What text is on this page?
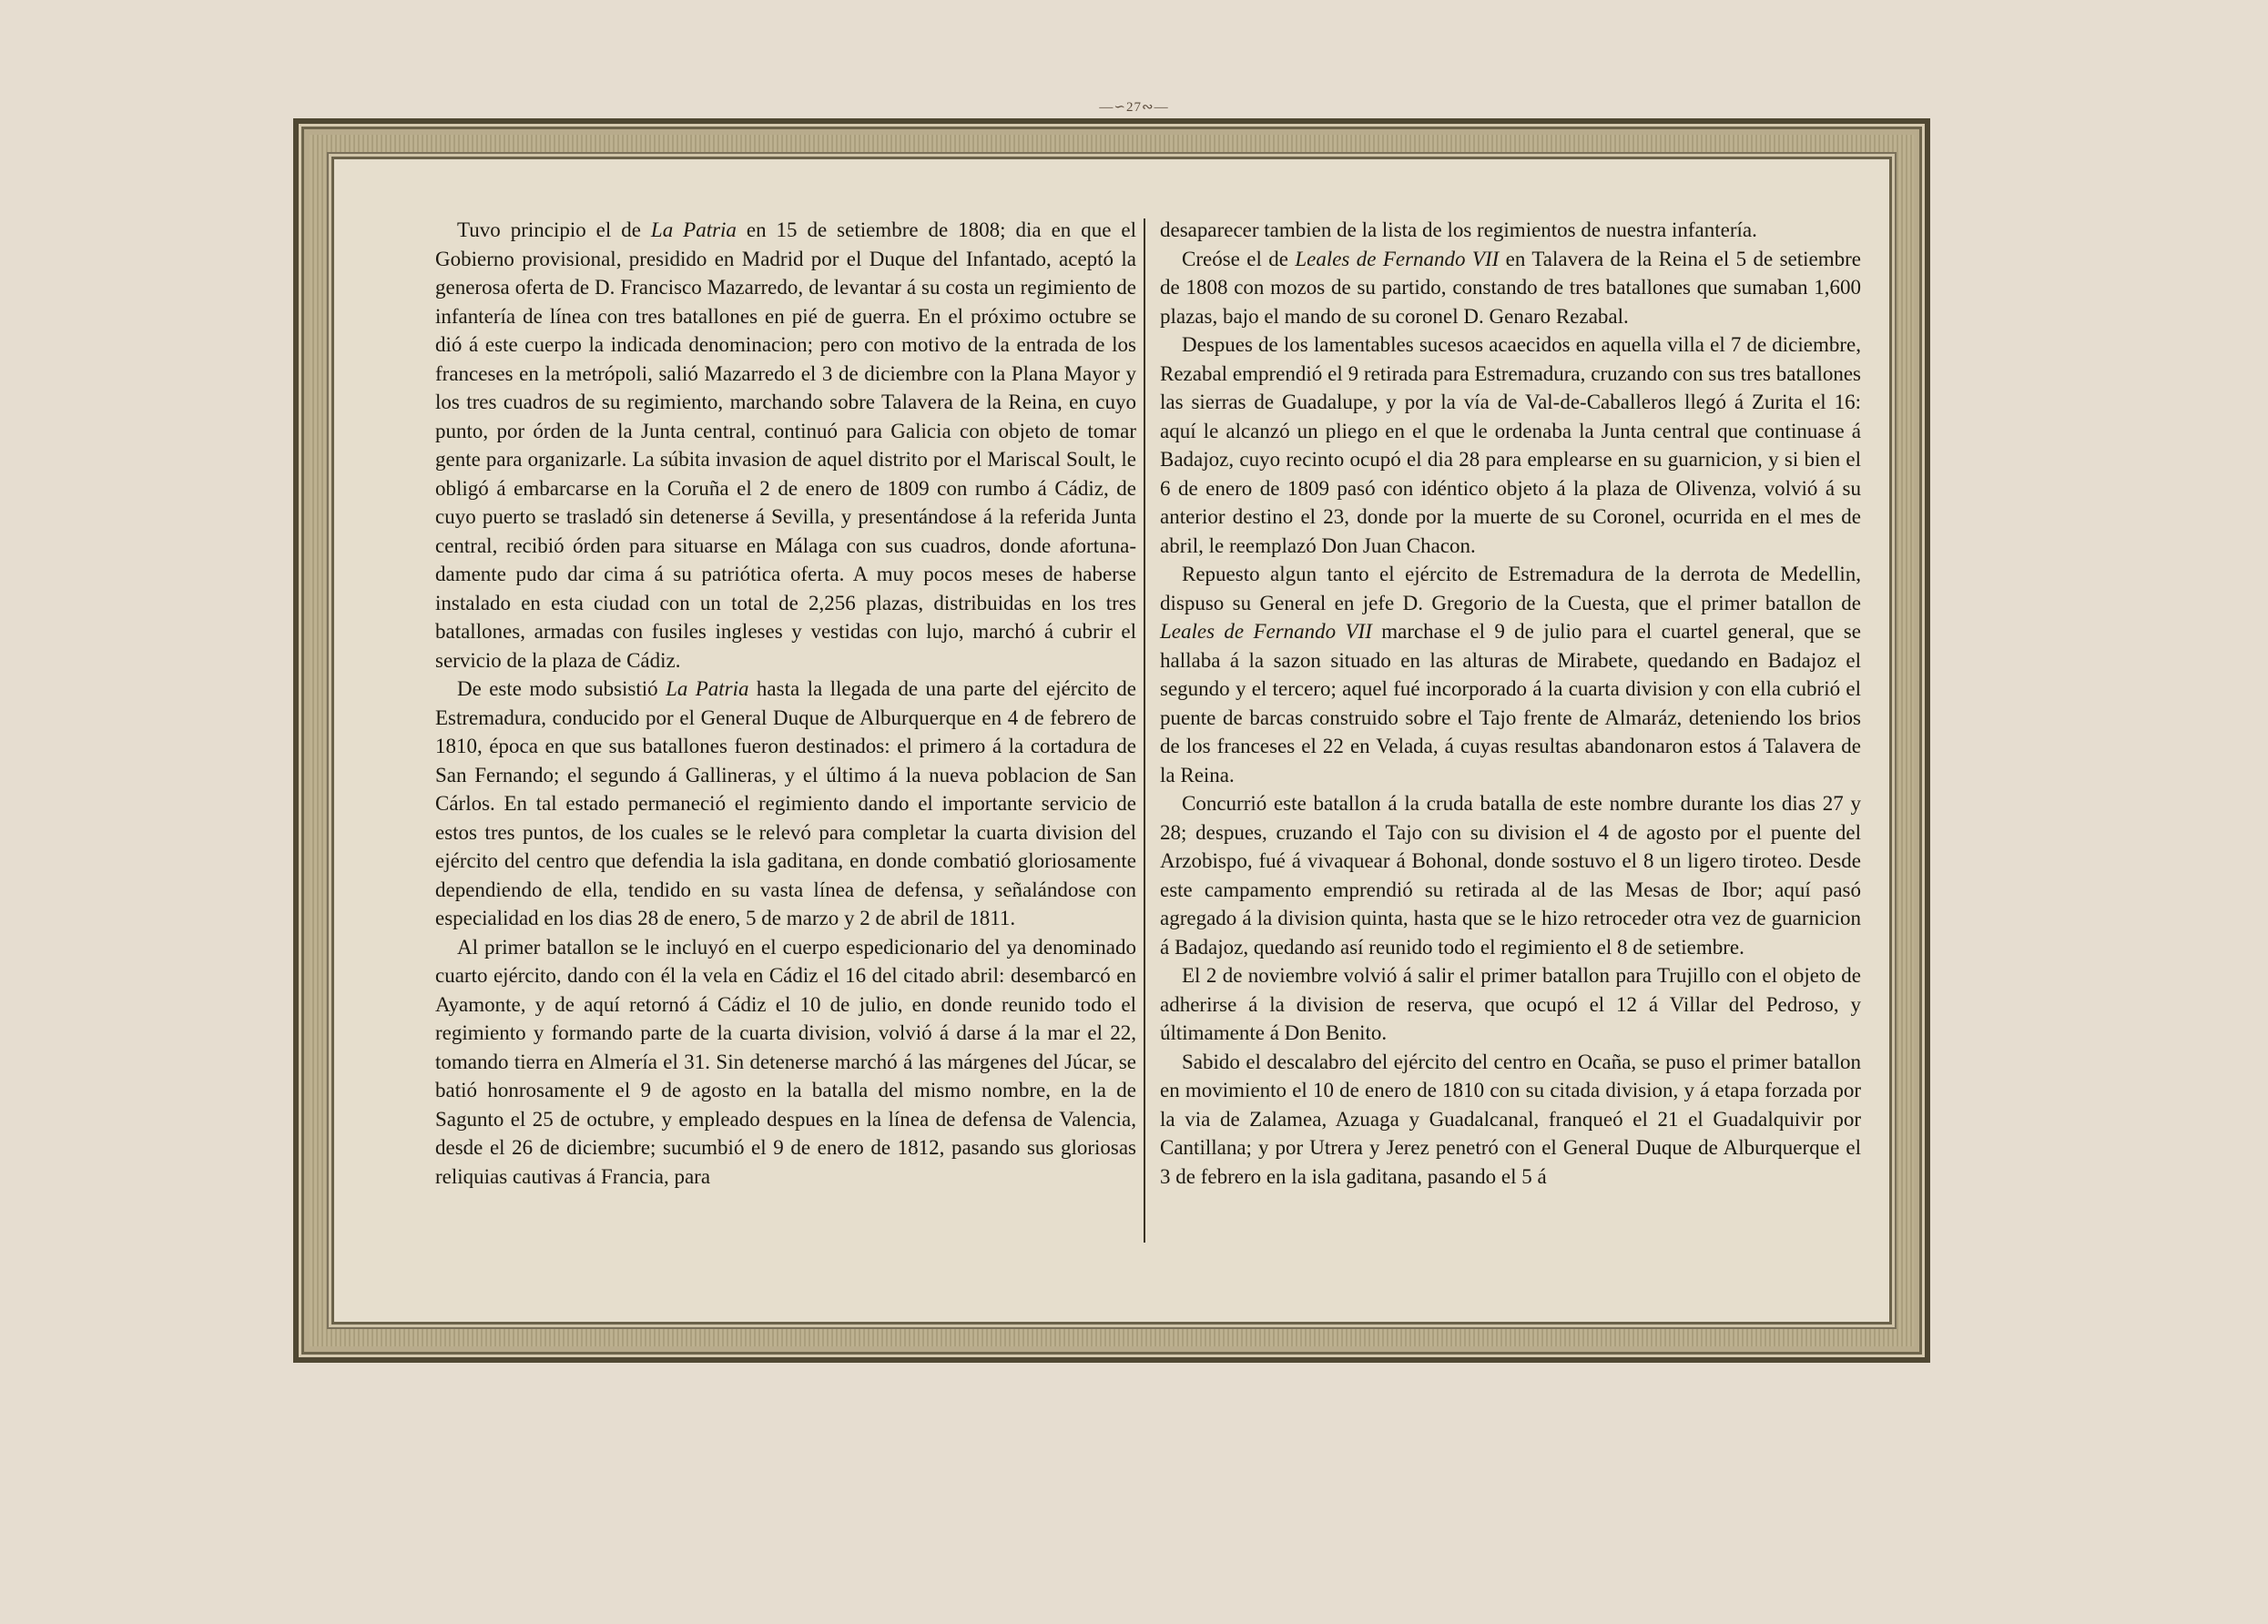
—∽27∾—

Tuvo principio el de La Patria en 15 de setiembre de 1808; dia en que el Gobierno provisional, presidido en Madrid por el Duque del Infantado, aceptó la generosa oferta de D. Francisco Mazarredo, de levantar á su costa un regimiento de infantería de línea con tres batallones en pié de guerra. En el próximo octubre se dió á este cuerpo la indicada denominacion; pero con motivo de la entrada de los franceses en la metrópoli, salió Mazarredo el 3 de diciembre con la Plana Mayor y los tres cuadros de su regimiento, marchando sobre Talavera de la Reina, en cuyo punto, por órden de la Junta central, continuó para Galicia con objeto de tomar gente para organizarle. La súbita invasion de aquel distrito por el Mariscal Soult, le obligó á embarcarse en la Coruña el 2 de enero de 1809 con rumbo á Cádiz, de cuyo puerto se trasladó sin detenerse á Sevilla, y presentándose á la referida Junta central, recibió órden para situarse en Málaga con sus cuadros, donde afortunadamente pudo dar cima á su patriótica oferta. A muy pocos meses de haberse instalado en esta ciudad con un total de 2,256 plazas, distribuidas en los tres batallones, armadas con fusiles ingleses y vestidas con lujo, marchó á cubrir el servicio de la plaza de Cádiz.

De este modo subsistió La Patria hasta la llegada de una parte del ejército de Estremadura, conducido por el General Duque de Alburquerque en 4 de febrero de 1810, época en que sus batallones fueron destinados: el primero á la cortadura de San Fernando; el segundo á Gallineras, y el último á la nueva poblacion de San Cárlos. En tal estado permaneció el regimiento dando el importante servicio de estos tres puntos, de los cuales se le relevó para completar la cuarta division del ejército del centro que defendia la isla gaditana, en donde combatió gloriosamente dependiendo de ella, tendido en su vasta línea de defensa, y señalándose con especialidad en los dias 28 de enero, 5 de marzo y 2 de abril de 1811.

Al primer batallon se le incluyó en el cuerpo espedicionario del ya denominado cuarto ejército, dando con él la vela en Cádiz el 16 del citado abril: desembarcó en Ayamonte, y de aquí retornó á Cádiz el 10 de julio, en donde reunido todo el regimiento y formando parte de la cuarta division, volvió á darse á la mar el 22, tomando tierra en Almería el 31. Sin detenerse marchó á las márgenes del Júcar, se batió honrosamente el 9 de agosto en la batalla del mismo nombre, en la de Sagunto el 25 de octubre, y empleado despues en la línea de defensa de Valencia, desde el 26 de diciembre; sucumbió el 9 de enero de 1812, pasando sus gloriosas reliquias cautivas á Francia, para

desaparecer tambien de la lista de los regimientos de nuestra infantería.

Creóse el de Leales de Fernando VII en Talavera de la Reina el 5 de setiembre de 1808 con mozos de su partido, constando de tres batallones que sumaban 1,600 plazas, bajo el mando de su coronel D. Genaro Rezabal.

Despues de los lamentables sucesos acaecidos en aquella villa el 7 de diciembre, Rezabal emprendió el 9 retirada para Estremadura, cruzando con sus tres batallones las sierras de Guadalupe, y por la vía de Val-de-Caballeros llegó á Zurita el 16: aquí le alcanzó un pliego en el que le ordenaba la Junta central que continuase á Badajoz, cuyo recinto ocupó el dia 28 para emplearse en su guarnicion, y si bien el 6 de enero de 1809 pasó con idéntico objeto á la plaza de Olivenza, volvió á su anterior destino el 23, donde por la muerte de su Coronel, ocurrida en el mes de abril, le reemplazó Don Juan Chacon.

Repuesto algun tanto el ejército de Estremadura de la derrota de Medellin, dispuso su General en jefe D. Gregorio de la Cuesta, que el primer batallon de Leales de Fernando VII marchase el 9 de julio para el cuartel general, que se hallaba á la sazon situado en las alturas de Mirabete, quedando en Badajoz el segundo y el tercero; aquel fué incorporado á la cuarta division y con ella cubrió el puente de barcas construido sobre el Tajo frente de Almaráz, deteniendo los brios de los franceses el 22 en Velada, á cuyas resultas abandonaron estos á Talavera de la Reina.

Concurrió este batallon á la cruda batalla de este nombre durante los dias 27 y 28; despues, cruzando el Tajo con su division el 4 de agosto por el puente del Arzobispo, fué á vivaquear á Bohonal, donde sostuvo el 8 un ligero tiroteo. Desde este campamento emprendió su retirada al de las Mesas de Ibor; aquí pasó agregado á la division quinta, hasta que se le hizo retroceder otra vez de guarnicion á Badajoz, quedando así reunido todo el regimiento el 8 de setiembre.

El 2 de noviembre volvió á salir el primer batallon para Trujillo con el objeto de adherirse á la division de reserva, que ocupó el 12 á Villar del Pedroso, y últimamente á Don Benito.

Sabido el descalabro del ejército del centro en Ocaña, se puso el primer batallon en movimiento el 10 de enero de 1810 con su citada division, y á etapa forzada por la via de Zalamea, Azuaga y Guadalcanal, franqueó el 21 el Guadalquivir por Cantillana; y por Utrera y Jerez penetró con el General Duque de Alburquerque el 3 de febrero en la isla gaditana, pasando el 5 á
